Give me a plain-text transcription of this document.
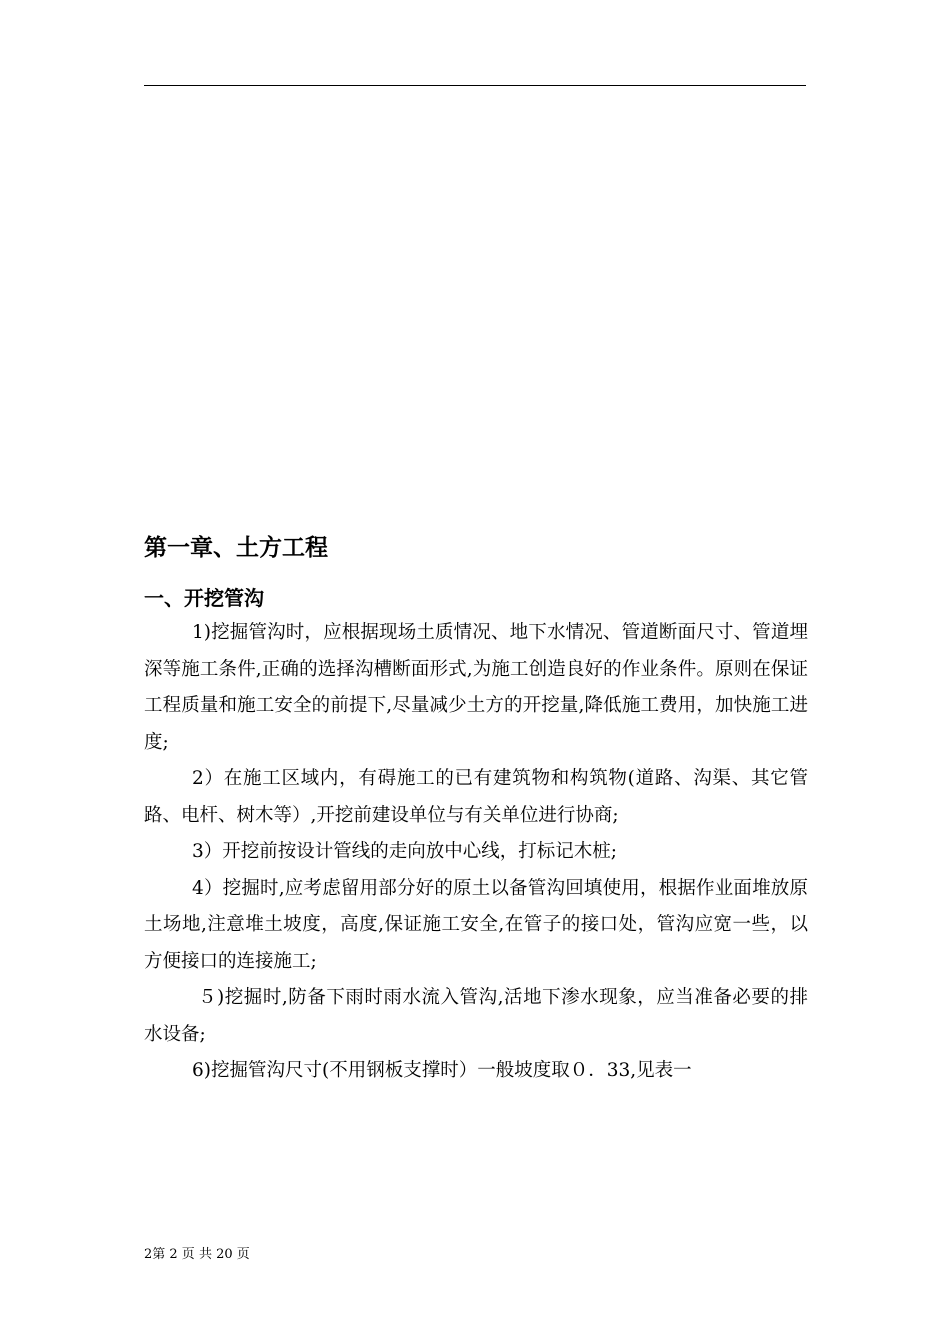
第一章、土方工程
一、开挖管沟

1)挖掘管沟时，应根据现场土质情况、地下水情况、管道断面尺寸、管道埋深等施工条件,正确的选择沟槽断面形式,为施工创造良好的作业条件。原则在保证工程质量和施工安全的前提下,尽量减少土方的开挖量,降低施工费用，加快施工进度;

2）在施工区域内，有碍施工的已有建筑物和构筑物(道路、沟渠、其它管路、电杆、树木等）,开挖前建设单位与有关单位进行协商;

3）开挖前按设计管线的走向放中心线，打标记木桩;

4）挖掘时,应考虑留用部分好的原土以备管沟回填使用，根据作业面堆放原土场地,注意堆土坡度，高度,保证施工安全,在管子的接口处，管沟应宽一些，以方便接口的连接施工;

５)挖掘时,防备下雨时雨水流入管沟,活地下渗水现象，应当准备必要的排水设备;

6)挖掘管沟尺寸(不用钢板支撑时）一般坡度取０．33,见表一

2第 2 页 共 20 页
